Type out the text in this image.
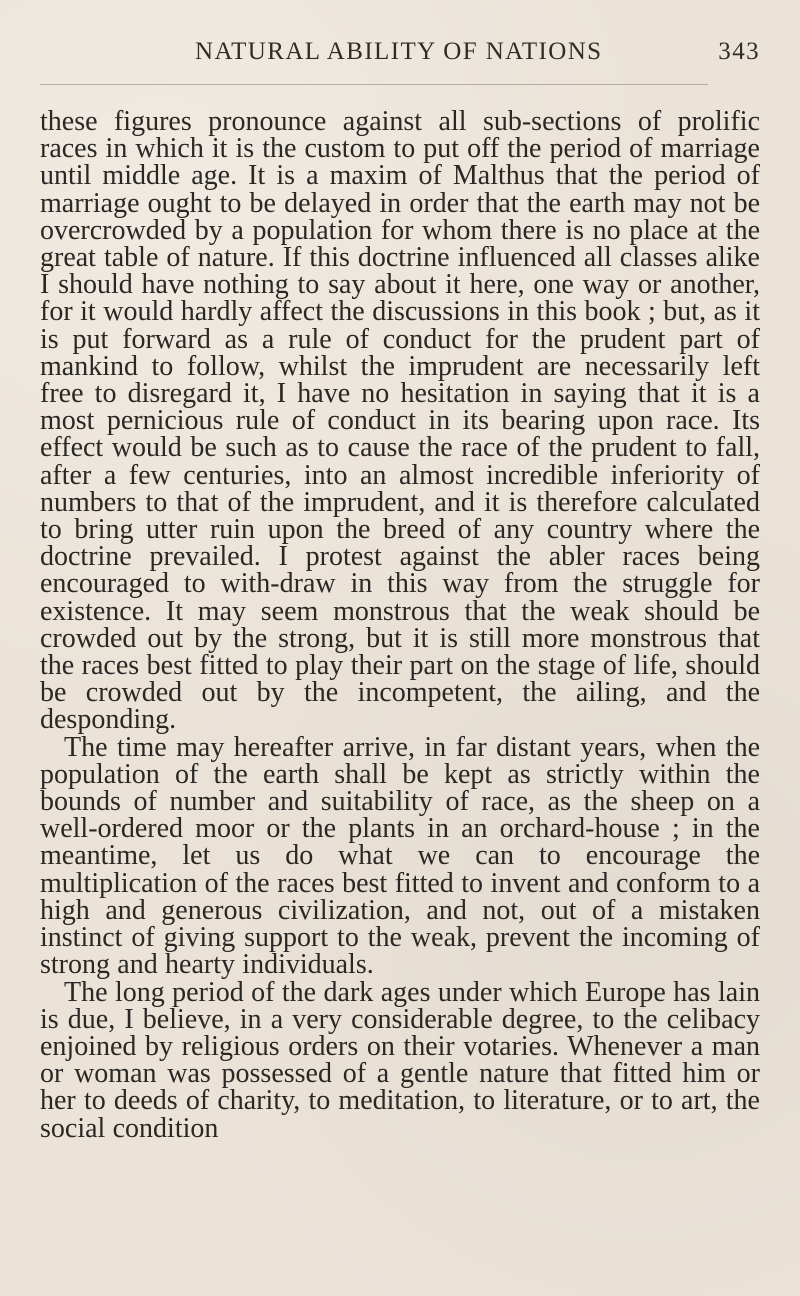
NATURAL ABILITY OF NATIONS	343

these figures pronounce against all sub-sections of prolific races in which it is the custom to put off the period of marriage until middle age. It is a maxim of Malthus that the period of marriage ought to be delayed in order that the earth may not be overcrowded by a population for whom there is no place at the great table of nature. If this doctrine influenced all classes alike I should have nothing to say about it here, one way or another, for it would hardly affect the discussions in this book ; but, as it is put forward as a rule of conduct for the prudent part of mankind to follow, whilst the imprudent are necessarily left free to disregard it, I have no hesitation in saying that it is a most pernicious rule of conduct in its bearing upon race. Its effect would be such as to cause the race of the prudent to fall, after a few centuries, into an almost incredible inferiority of numbers to that of the imprudent, and it is therefore calculated to bring utter ruin upon the breed of any country where the doctrine prevailed. I protest against the abler races being encouraged to with-draw in this way from the struggle for existence. It may seem monstrous that the weak should be crowded out by the strong, but it is still more monstrous that the races best fitted to play their part on the stage of life, should be crowded out by the incompetent, the ailing, and the desponding.

The time may hereafter arrive, in far distant years, when the population of the earth shall be kept as strictly within the bounds of number and suitability of race, as the sheep on a well-ordered moor or the plants in an orchard-house ; in the meantime, let us do what we can to encourage the multiplication of the races best fitted to invent and conform to a high and generous civilization, and not, out of a mistaken instinct of giving support to the weak, prevent the incoming of strong and hearty individuals.

The long period of the dark ages under which Europe has lain is due, I believe, in a very considerable degree, to the celibacy enjoined by religious orders on their votaries. Whenever a man or woman was possessed of a gentle nature that fitted him or her to deeds of charity, to meditation, to literature, or to art, the social condition
